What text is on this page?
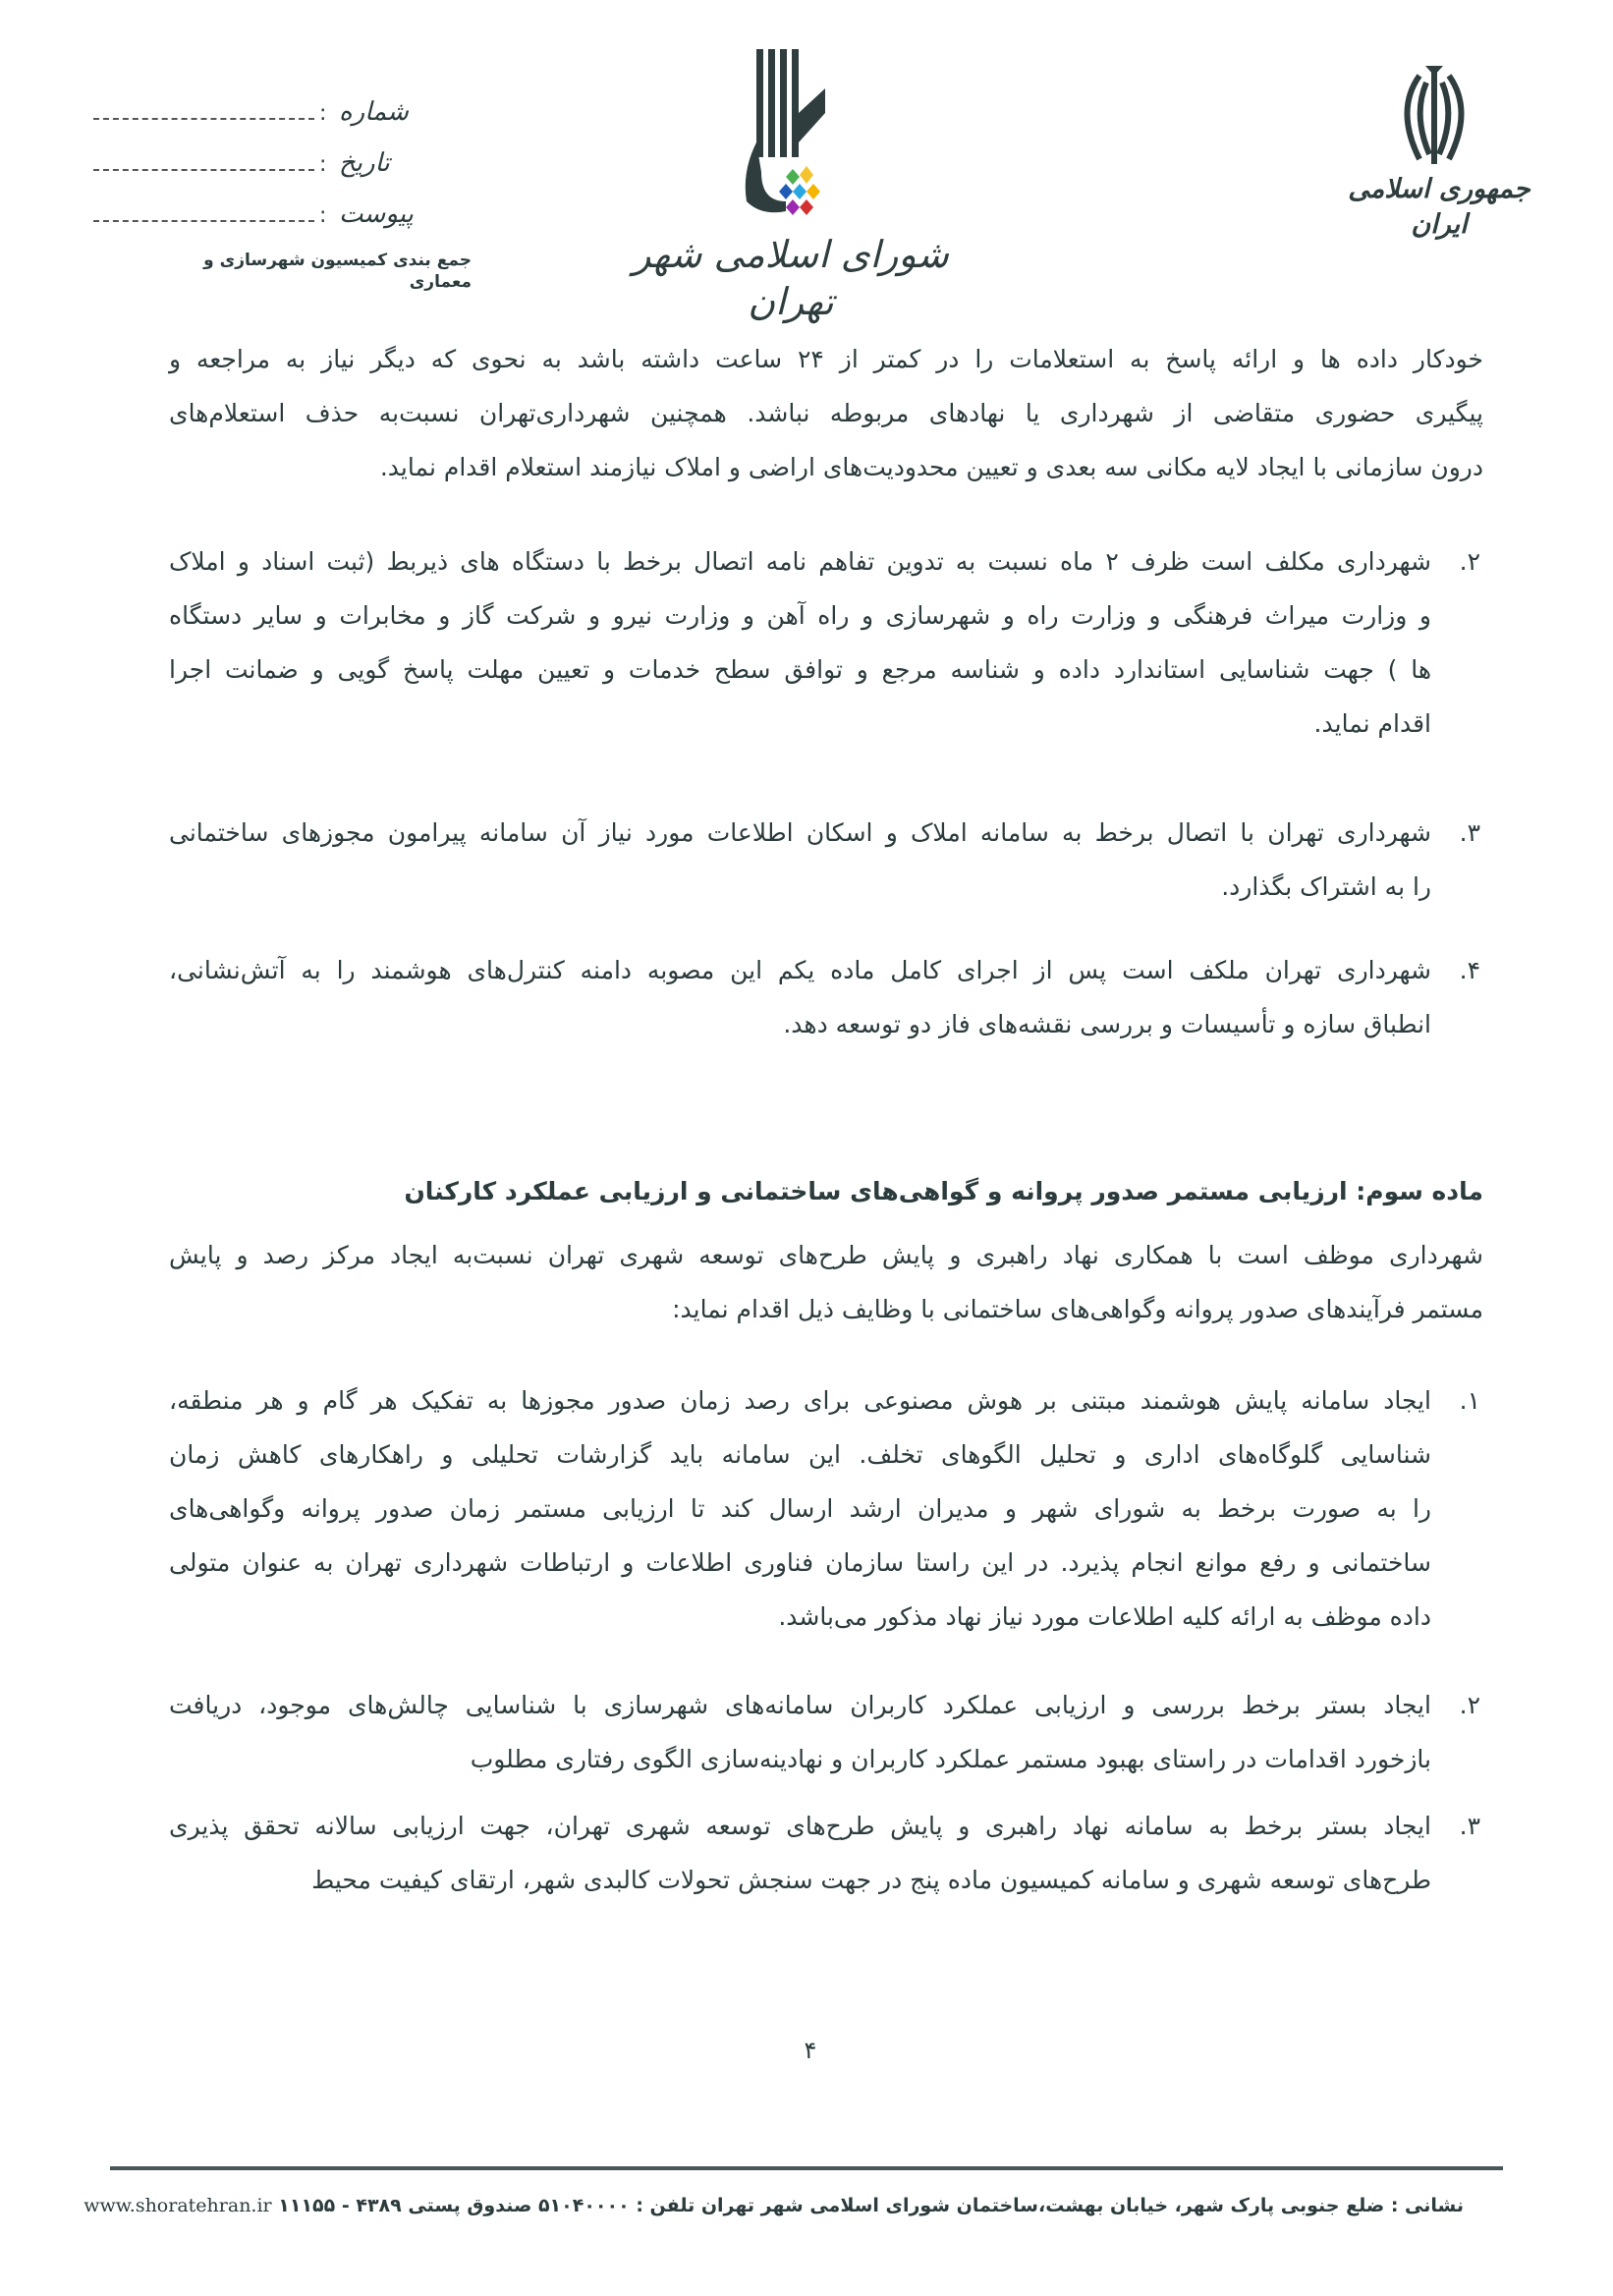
: شماره
: تاریخ
: پیوست
جمع بندی کمیسیون شهرسازی و معماری
شورای اسلامی شهر تهران
جمهوری اسلامی ایران
خودکار داده ها و ارائه پاسخ به استعلامات را در کمتر از ۲۴ ساعت داشته باشد به نحوی که دیگر نیاز به مراجعه و
پیگیری حضوری متقاضی از شهرداری یا نهادهای مربوطه نباشد. همچنین شهرداری‌تهران نسبت‌به حذف استعلام‌های
درون سازمانی با ایجاد لایه مکانی سه بعدی و تعیین محدودیت‌های اراضی و املاک نیازمند استعلام اقدام نماید.
۲.
شهرداری مکلف است ظرف ۲ ماه نسبت به تدوین تفاهم نامه اتصال برخط با دستگاه های ذیربط (ثبت اسناد و املاک
و وزارت میراث فرهنگی و وزارت راه و شهرسازی و راه آهن و وزارت نیرو و شرکت گاز و مخابرات و سایر دستگاه
ها ) جهت شناسایی استاندارد داده و شناسه مرجع و توافق سطح خدمات و تعیین مهلت پاسخ گویی و ضمانت اجرا
اقدام نماید.
۳.
شهرداری تهران با اتصال برخط به سامانه املاک و اسکان اطلاعات مورد نیاز آن سامانه پیرامون مجوزهای ساختمانی
را به اشتراک بگذارد.
۴.
شهرداری تهران ملکف است پس از اجرای کامل ماده یکم این مصوبه دامنه کنترل‌های هوشمند را به آتش‌نشانی،
انطباق سازه و تأسیسات و بررسی نقشه‌های فاز دو توسعه دهد.
شهرداری موظف است با همکاری نهاد راهبری و پایش طرح‌های توسعه شهری تهران نسبت‌به ایجاد مرکز رصد و پایش
مستمر فرآیندهای صدور پروانه وگواهی‌های ساختمانی با وظایف ذیل اقدام نماید:
۱.
ایجاد سامانه پایش هوشمند مبتنی بر هوش مصنوعی برای رصد زمان صدور مجوزها به تفکیک هر گام و هر منطقه،
شناسایی گلوگاه‌های اداری و تحلیل الگوهای تخلف. این سامانه باید گزارشات تحلیلی و راهکارهای کاهش زمان
را به صورت برخط به شورای شهر و مدیران ارشد ارسال کند تا ارزیابی مستمر زمان صدور پروانه وگواهی‌های
ساختمانی و رفع موانع انجام پذیرد. در این راستا سازمان فناوری اطلاعات و ارتباطات شهرداری تهران به عنوان متولی
داده موظف به ارائه کلیه اطلاعات مورد نیاز نهاد مذکور می‌باشد.
۲.
ایجاد بستر برخط بررسی و ارزیابی عملکرد کاربران سامانه‌های شهرسازی با شناسایی چالش‌های موجود، دریافت
بازخورد اقدامات در راستای بهبود مستمر عملکرد کاربران و نهادینه‌سازی الگوی رفتاری مطلوب
۳.
ایجاد بستر برخط به سامانه نهاد راهبری و پایش طرح‌های توسعه شهری تهران، جهت ارزیابی سالانه تحقق پذیری
طرح‌های توسعه شهری و سامانه کمیسیون ماده پنج در جهت سنجش تحولات کالبدی شهر، ارتقای کیفیت محیط
ماده سوم: ارزیابی مستمر صدور پروانه و گواهی‌های ساختمانی و ارزیابی عملکرد کارکنان
۴
نشانی : ضلع جنوبی پارک شهر، خیابان بهشت،ساختمان شورای اسلامی شهر تهران تلفن : ۵۱۰۴۰۰۰۰ صندوق پستی ۴۳۸۹ - ۱۱۱۵۵ www.shoratehran.ir
